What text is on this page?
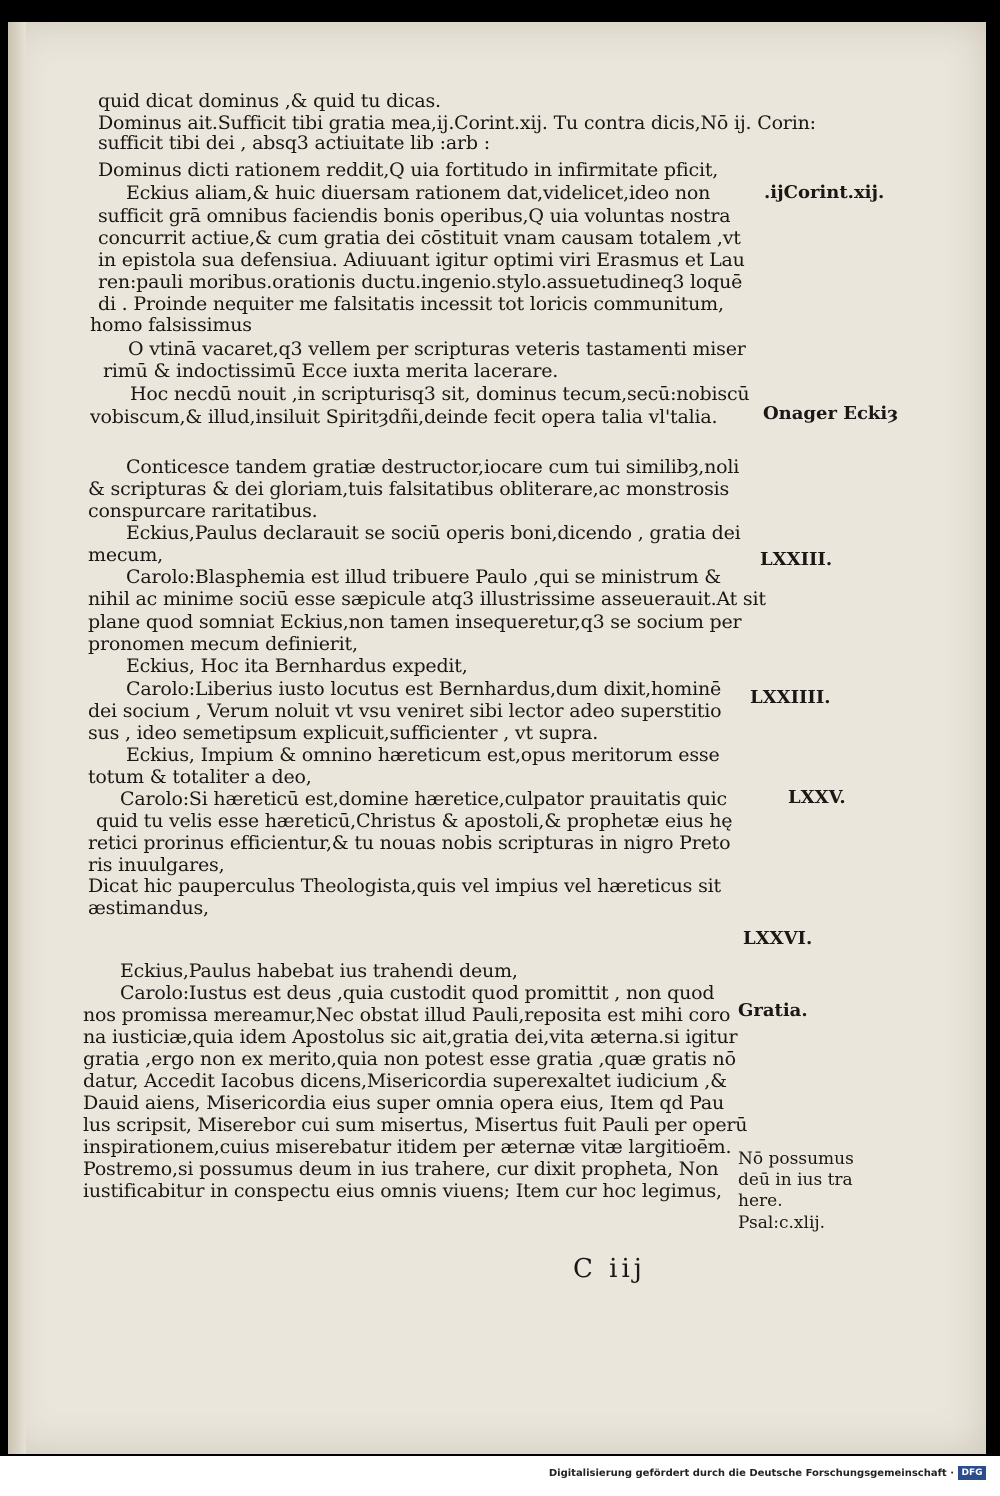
quid dicat dominus ,& quid tu dicas.
Dominus ait.Sufficit tibi gratia mea,ij.Corint.xij. Tu contra dicis,Nō ij. Corin:
sufficit tibi dei , absq3 actiuitate lib :arb :
Dominus dicti rationem reddit,Q uia fortitudo in infirmitate pficit,
Eckius aliam,& huic diuersam rationem dat,videlicet,ideo non
sufficit grā omnibus faciendis bonis operibus,Q uia voluntas nostra
concurrit actiue,& cum gratia dei cōstituit vnam causam totalem ,vt
in epistola sua defensiua. Adiuuant igitur optimi viri Erasmus et Lau
ren:pauli moribus.orationis ductu.ingenio.stylo.assuetudineq3 loquē
di . Proinde nequiter me falsitatis incessit tot loricis communitum,
homo falsissimus
O vtinā vacaret,q3 vellem per scripturas veteris tastamenti miser
rimū & indoctissimū Ecce iuxta merita lacerare.
Hoc necdū nouit ,in scripturisq3 sit, dominus tecum,secū:nobiscū
vobiscum,& illud,insiluit Spiritȝdñi,deinde fecit opera talia vl'talia.
Conticesce tandem gratiæ destructor,iocare cum tui similibȝ,noli
& scripturas & dei gloriam,tuis falsitatibus obliterare,ac monstrosis
conspurcare raritatibus.
Eckius,Paulus declarauit se sociū operis boni,dicendo , gratia dei
mecum,
Carolo:Blasphemia est illud tribuere Paulo ,qui se ministrum &
nihil ac minime sociū esse sæpicule atq3 illustrissime asseuerauit.At sit
plane quod somniat Eckius,non tamen insequeretur,q3 se socium per
pronomen mecum definierit,
Eckius, Hoc ita Bernhardus expedit,
Carolo:Liberius iusto locutus est Bernhardus,dum dixit,hominē
dei socium , Verum noluit vt vsu veniret sibi lector adeo superstitio
sus , ideo semetipsum explicuit,sufficienter , vt supra.
Eckius, Impium & omnino hæreticum est,opus meritorum esse
totum & totaliter a deo,
Carolo:Si hæreticū est,domine hæretice,culpator prauitatis quic
quid tu velis esse hæreticū,Christus & apostoli,& prophetæ eius hę
retici prorinus efficientur,& tu nouas nobis scripturas in nigro Preto
ris inuulgares,
Dicat hic pauperculus Theologista,quis vel impius vel hæreticus sit
æstimandus,
Eckius,Paulus habebat ius trahendi deum,
Carolo:Iustus est deus ,quia custodit quod promittit , non quod
nos promissa mereamur,Nec obstat illud Pauli,reposita est mihi coro
na iusticiæ,quia idem Apostolus sic ait,gratia dei,vita æterna.si igitur
gratia ,ergo non ex merito,quia non potest esse gratia ,quæ gratis nō
datur, Accedit Iacobus dicens,Misericordia superexaltet iudicium ,&
Dauid aiens, Misericordia eius super omnia opera eius, Item qd Pau
lus scripsit, Miserebor cui sum misertus, Misertus fuit Pauli per operū
inspirationem,cuius miserebatur itidem per æternæ vitæ largitioēm.
Postremo,si possumus deum in ius trahere, cur dixit propheta, Non
iustificabitur in conspectu eius omnis viuens; Item cur hoc legimus,
.ijCorint.xij.
Onager Eckiȝ
LXXIII.
LXXIIII.
LXXV.
LXXVI.
Gratia.
Nō possumus
deū in ius tra
here.
Psal:c.xlij.
C iij
Digitalisierung gefördert durch die Deutsche Forschungsgemeinschaft · DFG
